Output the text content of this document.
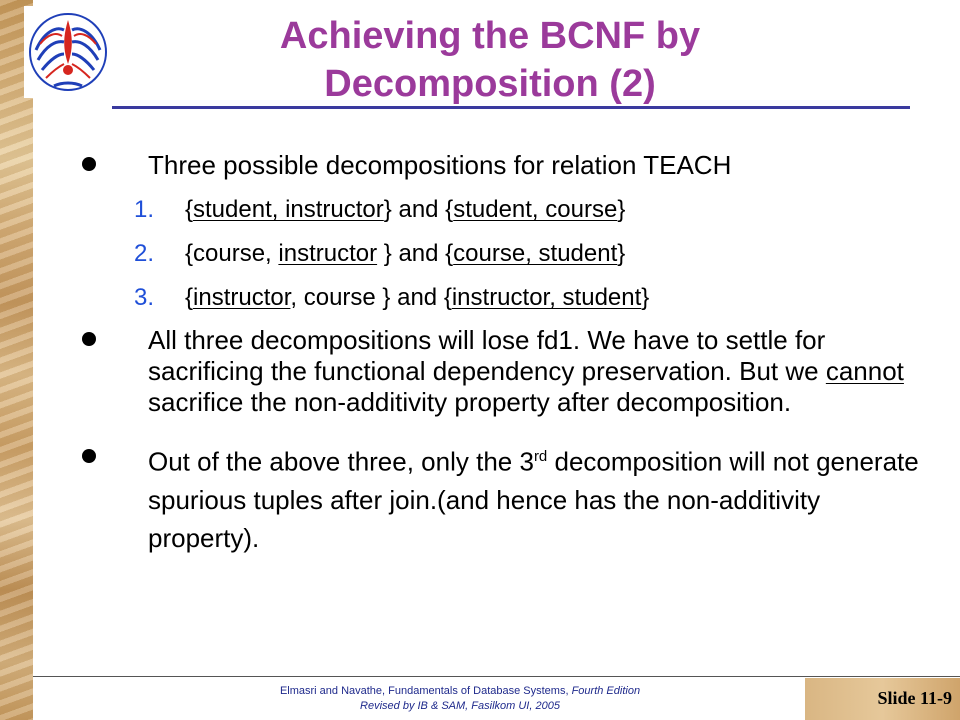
Achieving the BCNF by
Decomposition (2)
Three possible decompositions for relation TEACH
1. {student, instructor} and {student, course}
2. {course, instructor } and {course, student}
3. {instructor, course } and {instructor, student}
All three decompositions will lose fd1. We have to settle for sacrificing the functional dependency preservation. But we cannot sacrifice the non-additivity property after decomposition.
Out of the above three, only the 3rd decomposition will not generate spurious tuples after join.(and hence has the non-additivity property).
Elmasri and Navathe, Fundamentals of Database Systems, Fourth Edition
Revised by IB & SAM, Fasilkom UI, 2005	Slide 11-9
